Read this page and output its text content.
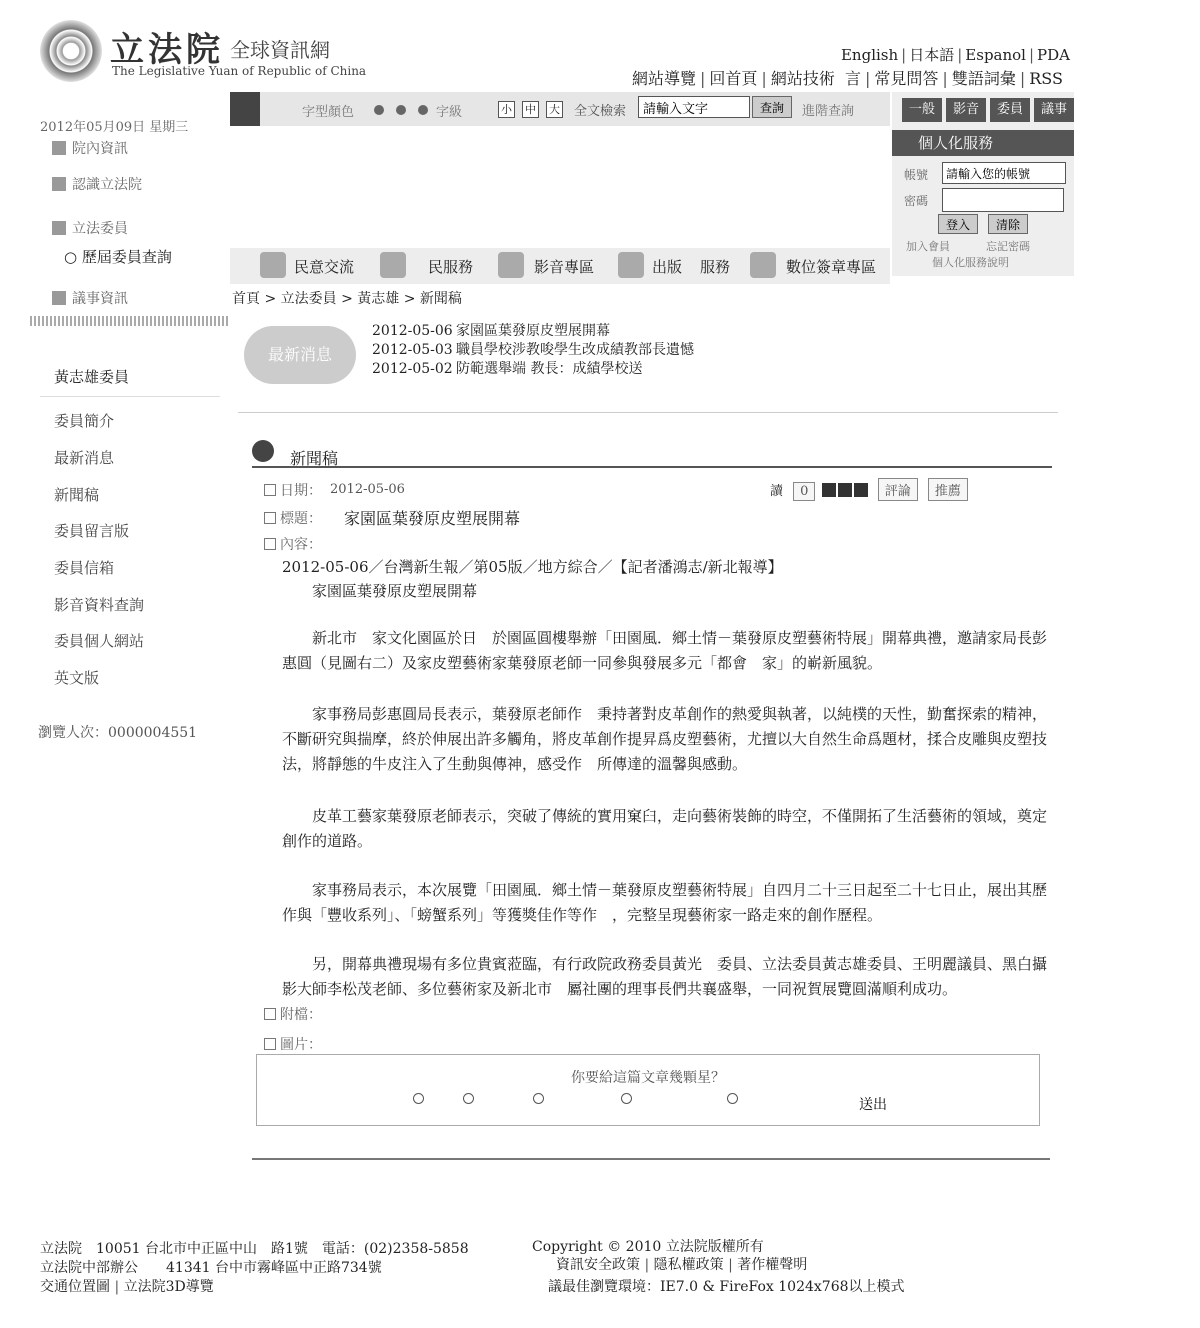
立法院 全球資訊網
The Legislative Yuan of Republic of China
English | 日本語 | Espanol | PDA
網站導覽 | 回首頁 | 網站技術 言 | 常見問答 | 雙語詞彙 | RSS
2012年05月09日 星期三
字型顏色	字級	小 中 大 全文檢索
請輸入文字	查詢	進階查詢	一般	影音	委員	議事
個人化服務
帳號
請輸入您的帳號
密碼
登入	清除
加入會員	忘記密碼
個人化服務說明
院內資訊
認識立法院
立法委員
○ 歷屆委員查詢
議事資訊
民意交流	民服務	影音專區	出版 服務	數位簽章專區
首頁 > 立法委員 > 黃志雄 > 新聞稿
最新消息
2012-05-06 家園區葉發原皮塑展開幕
2012-05-03 職員學校涉教唆學生改成績教部長遺憾
2012-05-02 防範選舉端 教長：成績學校送
黃志雄委員
委員簡介
最新消息
新聞稿
委員留言版
委員信箱
影音資料查詢
委員個人網站
英文版
瀏覽人次：0000004551
新聞稿
日期： 2012-05-06
標題： 家園區葉發原皮塑展開幕
內容：
讀 0	評論 推薦
2012-05-06／台灣新生報／第05版／地方綜合／【記者潘鴻志/新北報導】
家園區葉發原皮塑展開幕

新北市　家文化園區於日　於園區圓樓舉辦「田園風．鄉土情－葉發原皮塑藝術特展」開幕典禮，邀請家局長彭惠圓（見圖右二）及家皮塑藝術家葉發原老師一同參與發展多元「都會　家」的嶄新風貌。

家事務局彭惠圓局長表示，葉發原老師作　秉持著對皮革創作的熱愛與執著，以純樸的天性，勤奮探索的精神，不斷研究與揣摩，終於伸展出許多觸角，將皮革創作提昇爲皮塑藝術，尤擅以大自然生命爲題材，揉合皮雕與皮塑技法，將靜態的牛皮注入了生動與傳神，感受作　所傳達的溫馨與感動。

皮革工藝家葉發原老師表示，突破了傳統的實用窠臼，走向藝術裝飾的時空，不僅開拓了生活藝術的領域，奠定創作的道路。

家事務局表示，本次展覽「田園風．鄉土情－葉發原皮塑藝術特展」自四月二十三日起至二十七日止，展出其歷作與「豐收系列」、「螃蟹系列」等獲獎佳作等作　，完整呈現藝術家一路走來的創作歷程。

另，開幕典禮現場有多位貴賓蒞臨，有行政院政務委員黃光　委員、立法委員黃志雄委員、王明麗議員、黑白攝影大師李松茂老師、多位藝術家及新北市　屬社團的理事長們共襄盛舉，一同祝賀展覽圓滿順利成功。

附檔：
圖片：
你要給這篇文章幾顆星？
送出
立法院　10051 台北市中正區中山　路1號　電話：(02)2358-5858
立法院中部辦公　　41341 台中市霧峰區中正路734號
交通位置圖 | 立法院3D導覽
Copyright © 2010 立法院版權所有
資訊安全政策 | 隱私權政策 | 著作權聲明
議最佳瀏覽環境：IE7.0 & FireFox 1024x768以上模式
